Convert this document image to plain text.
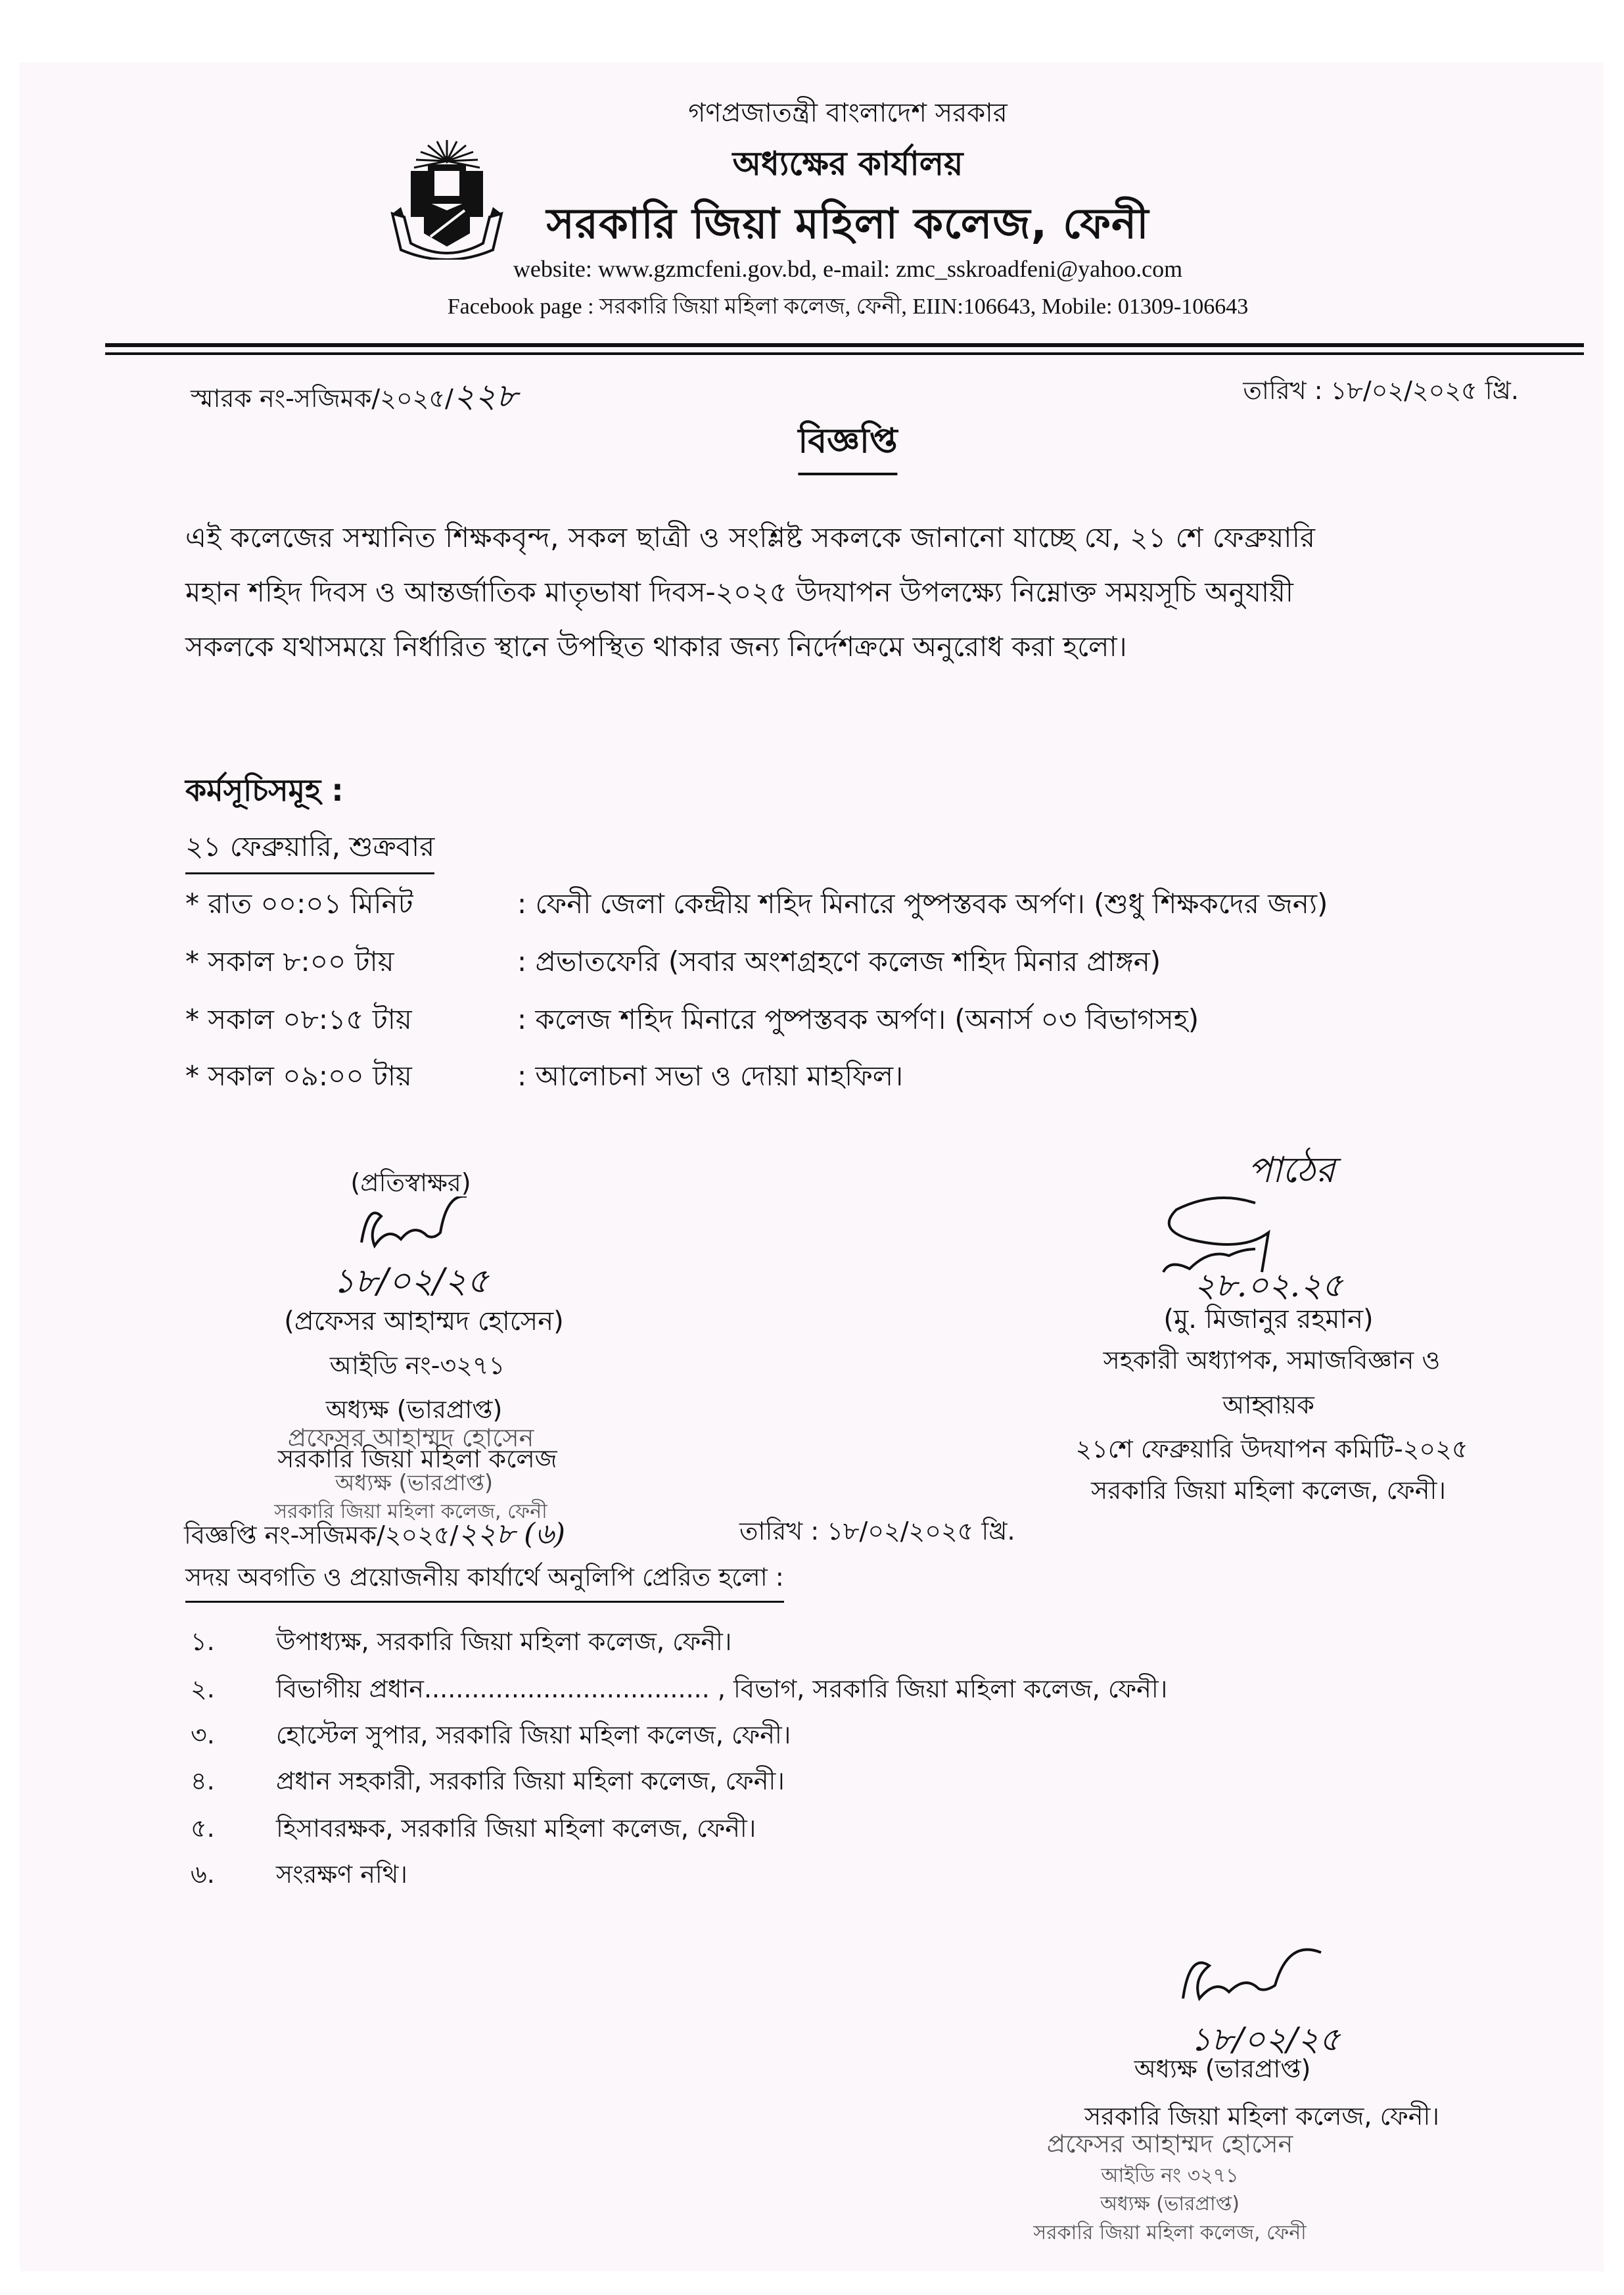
গণপ্রজাতন্ত্রী বাংলাদেশ সরকার
অধ্যক্ষের কার্যালয়
সরকারি জিয়া মহিলা কলেজ, ফেনী
website: www.gzmcfeni.gov.bd, e-mail: zmc_sskroadfeni@yahoo.com
Facebook page : সরকারি জিয়া মহিলা কলেজ, ফেনী, EIIN:106643, Mobile: 01309-106643
স্মারক নং-সজিমক/২০২৫/২২৮	তারিখ : ১৮/০২/২০২৫ খ্রি.
বিজ্ঞপ্তি
এই কলেজের সম্মানিত শিক্ষকবৃন্দ, সকল ছাত্রী ও সংশ্লিষ্ট সকলকে জানানো যাচ্ছে যে, ২১ শে ফেব্রুয়ারি
মহান শহিদ দিবস ও আন্তর্জাতিক মাতৃভাষা দিবস-২০২৫ উদযাপন উপলক্ষ্যে নিম্নোক্ত সময়সূচি অনুযায়ী
সকলকে যথাসময়ে নির্ধারিত স্থানে উপস্থিত থাকার জন্য নির্দেশক্রমে অনুরোধ করা হলো।
কর্মসূচিসমূহ :
২১ ফেব্রুয়ারি, শুক্রবার
* রাত ০০:০১ মিনিট	: ফেনী জেলা কেন্দ্রীয় শহিদ মিনারে পুষ্পস্তবক অর্পণ। (শুধু শিক্ষকদের জন্য)
* সকাল ৮:০০ টায়	: প্রভাতফেরি (সবার অংশগ্রহণে কলেজ শহিদ মিনার প্রাঙ্গন)
* সকাল ০৮:১৫ টায়	: কলেজ শহিদ মিনারে পুষ্পস্তবক অর্পণ। (অনার্স ০৩ বিভাগসহ)
* সকাল ০৯:০০ টায়	: আলোচনা সভা ও দোয়া মাহফিল।
(প্রতিস্বাক্ষর)
১৮/০২/২৫
(প্রফেসর আহাম্মদ হোসেন)
আইডি নং-৩২৭১
অধ্যক্ষ (ভারপ্রাপ্ত)
প্রফেসর আহাম্মদ হোসেন
সরকারি জিয়া মহিলা কলেজ
অধ্যক্ষ (ভারপ্রাপ্ত)
সরকারি জিয়া মহিলা কলেজ, ফেনী
পাঠের
২৮.০২.২৫
(মু. মিজানুর রহমান)
সহকারী অধ্যাপক, সমাজবিজ্ঞান ও
আহ্বায়ক
২১শে ফেব্রুয়ারি উদযাপন কমিটি-২০২৫
সরকারি জিয়া মহিলা কলেজ, ফেনী।
বিজ্ঞপ্তি নং-সজিমক/২০২৫/২২৮ (৬)	তারিখ : ১৮/০২/২০২৫ খ্রি.
সদয় অবগতি ও প্রয়োজনীয় কার্যার্থে অনুলিপি প্রেরিত হলো :
১. উপাধ্যক্ষ, সরকারি জিয়া মহিলা কলেজ, ফেনী।
২. বিভাগীয় প্রধান.................................... , বিভাগ, সরকারি জিয়া মহিলা কলেজ, ফেনী।
৩. হোস্টেল সুপার, সরকারি জিয়া মহিলা কলেজ, ফেনী।
৪. প্রধান সহকারী, সরকারি জিয়া মহিলা কলেজ, ফেনী।
৫. হিসাবরক্ষক, সরকারি জিয়া মহিলা কলেজ, ফেনী।
৬. সংরক্ষণ নথি।
১৮/০২/২৫
অধ্যক্ষ (ভারপ্রাপ্ত)
সরকারি জিয়া মহিলা কলেজ, ফেনী।
প্রফেসর আহাম্মদ হোসেন
আইডি নং ৩২৭১
অধ্যক্ষ (ভারপ্রাপ্ত)
সরকারি জিয়া মহিলা কলেজ, ফেনী
